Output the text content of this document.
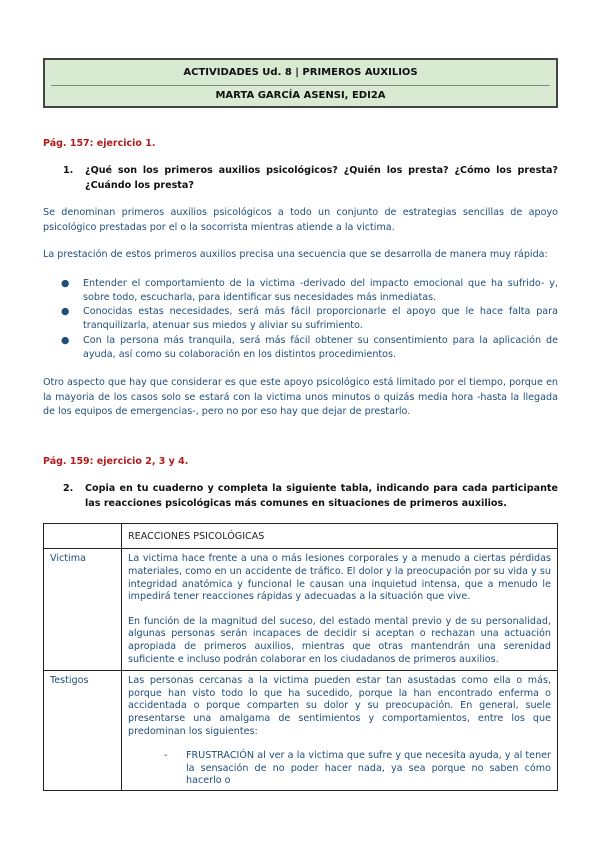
ACTIVIDADES Ud. 8 | PRIMEROS AUXILIOS
MARTA GARCÍA ASENSI, EDI2A
Pág. 157: ejercicio 1.
1.	¿Qué son los primeros auxilios psicológicos? ¿Quién los presta? ¿Cómo los presta? ¿Cuándo los presta?
Se denominan primeros auxilios psicológicos a todo un conjunto de estrategias sencillas de apoyo psicológico prestadas por el o la socorrista mientras atiende a la victima.
La prestación de estos primeros auxilios precisa una secuencia que se desarrolla de manera muy rápida:
●	Entender el comportamiento de la victima -derivado del impacto emocional que ha sufrido- y, sobre todo, escucharla, para identificar sus necesidades más inmediatas.
●	Conocidas estas necesidades, será más fácil proporcionarle el apoyo que le hace falta para tranquilizarla, atenuar sus miedos y aliviar su sufrimiento.
●	Con la persona más tranquila, será más fácil obtener su consentimiento para la aplicación de ayuda, así como su colaboración en los distintos procedimientos.
Otro aspecto que hay que considerar es que este apoyo psicológico está limitado por el tiempo, porque en la mayoria de los casos solo se estará con la victima unos minutos o quizás media hora -hasta la llegada de los equipos de emergencias-, pero no por eso hay que dejar de prestarlo.
Pág. 159: ejercicio 2, 3 y 4.
2.	Copia en tu cuaderno y completa la siguiente tabla, indicando para cada participante las reacciones psicológicas más comunes en situaciones de primeros auxilios.
	REACCIONES PSICOLÓGICAS
Victima	La victima hace frente a una o más lesiones corporales y a menudo a ciertas pérdidas materiales, como en un accidente de tráfico. El dolor y la preocupación por su vida y su integridad anatómica y funcional le causan una inquietud intensa, que a menudo le impedirá tener reacciones rápidas y adecuadas a la situación que vive.
En función de la magnitud del suceso, del estado mental previo y de su personalidad, algunas personas serán incapaces de decidir si aceptan o rechazan una actuación apropiada de primeros auxilios, mientras que otras mantendrán una serenidad suficiente e incluso podrán colaborar en los ciudadanos de primeros auxilios.

Testigos	Las personas cercanas a la victima pueden estar tan asustadas como ella o más, porque han visto todo lo que ha sucedido, porque la han encontrado enferma o accidentada o porque comparten su dolor y su preocupación. En general, suele presentarse una amalgama de sentimientos y comportamientos, entre los que predominan los siguientes:
- FRUSTRACIÓN al ver a la victima que sufre y que necesita ayuda, y al tener la sensación de no poder hacer nada, ya sea porque no saben cómo hacerlo o
